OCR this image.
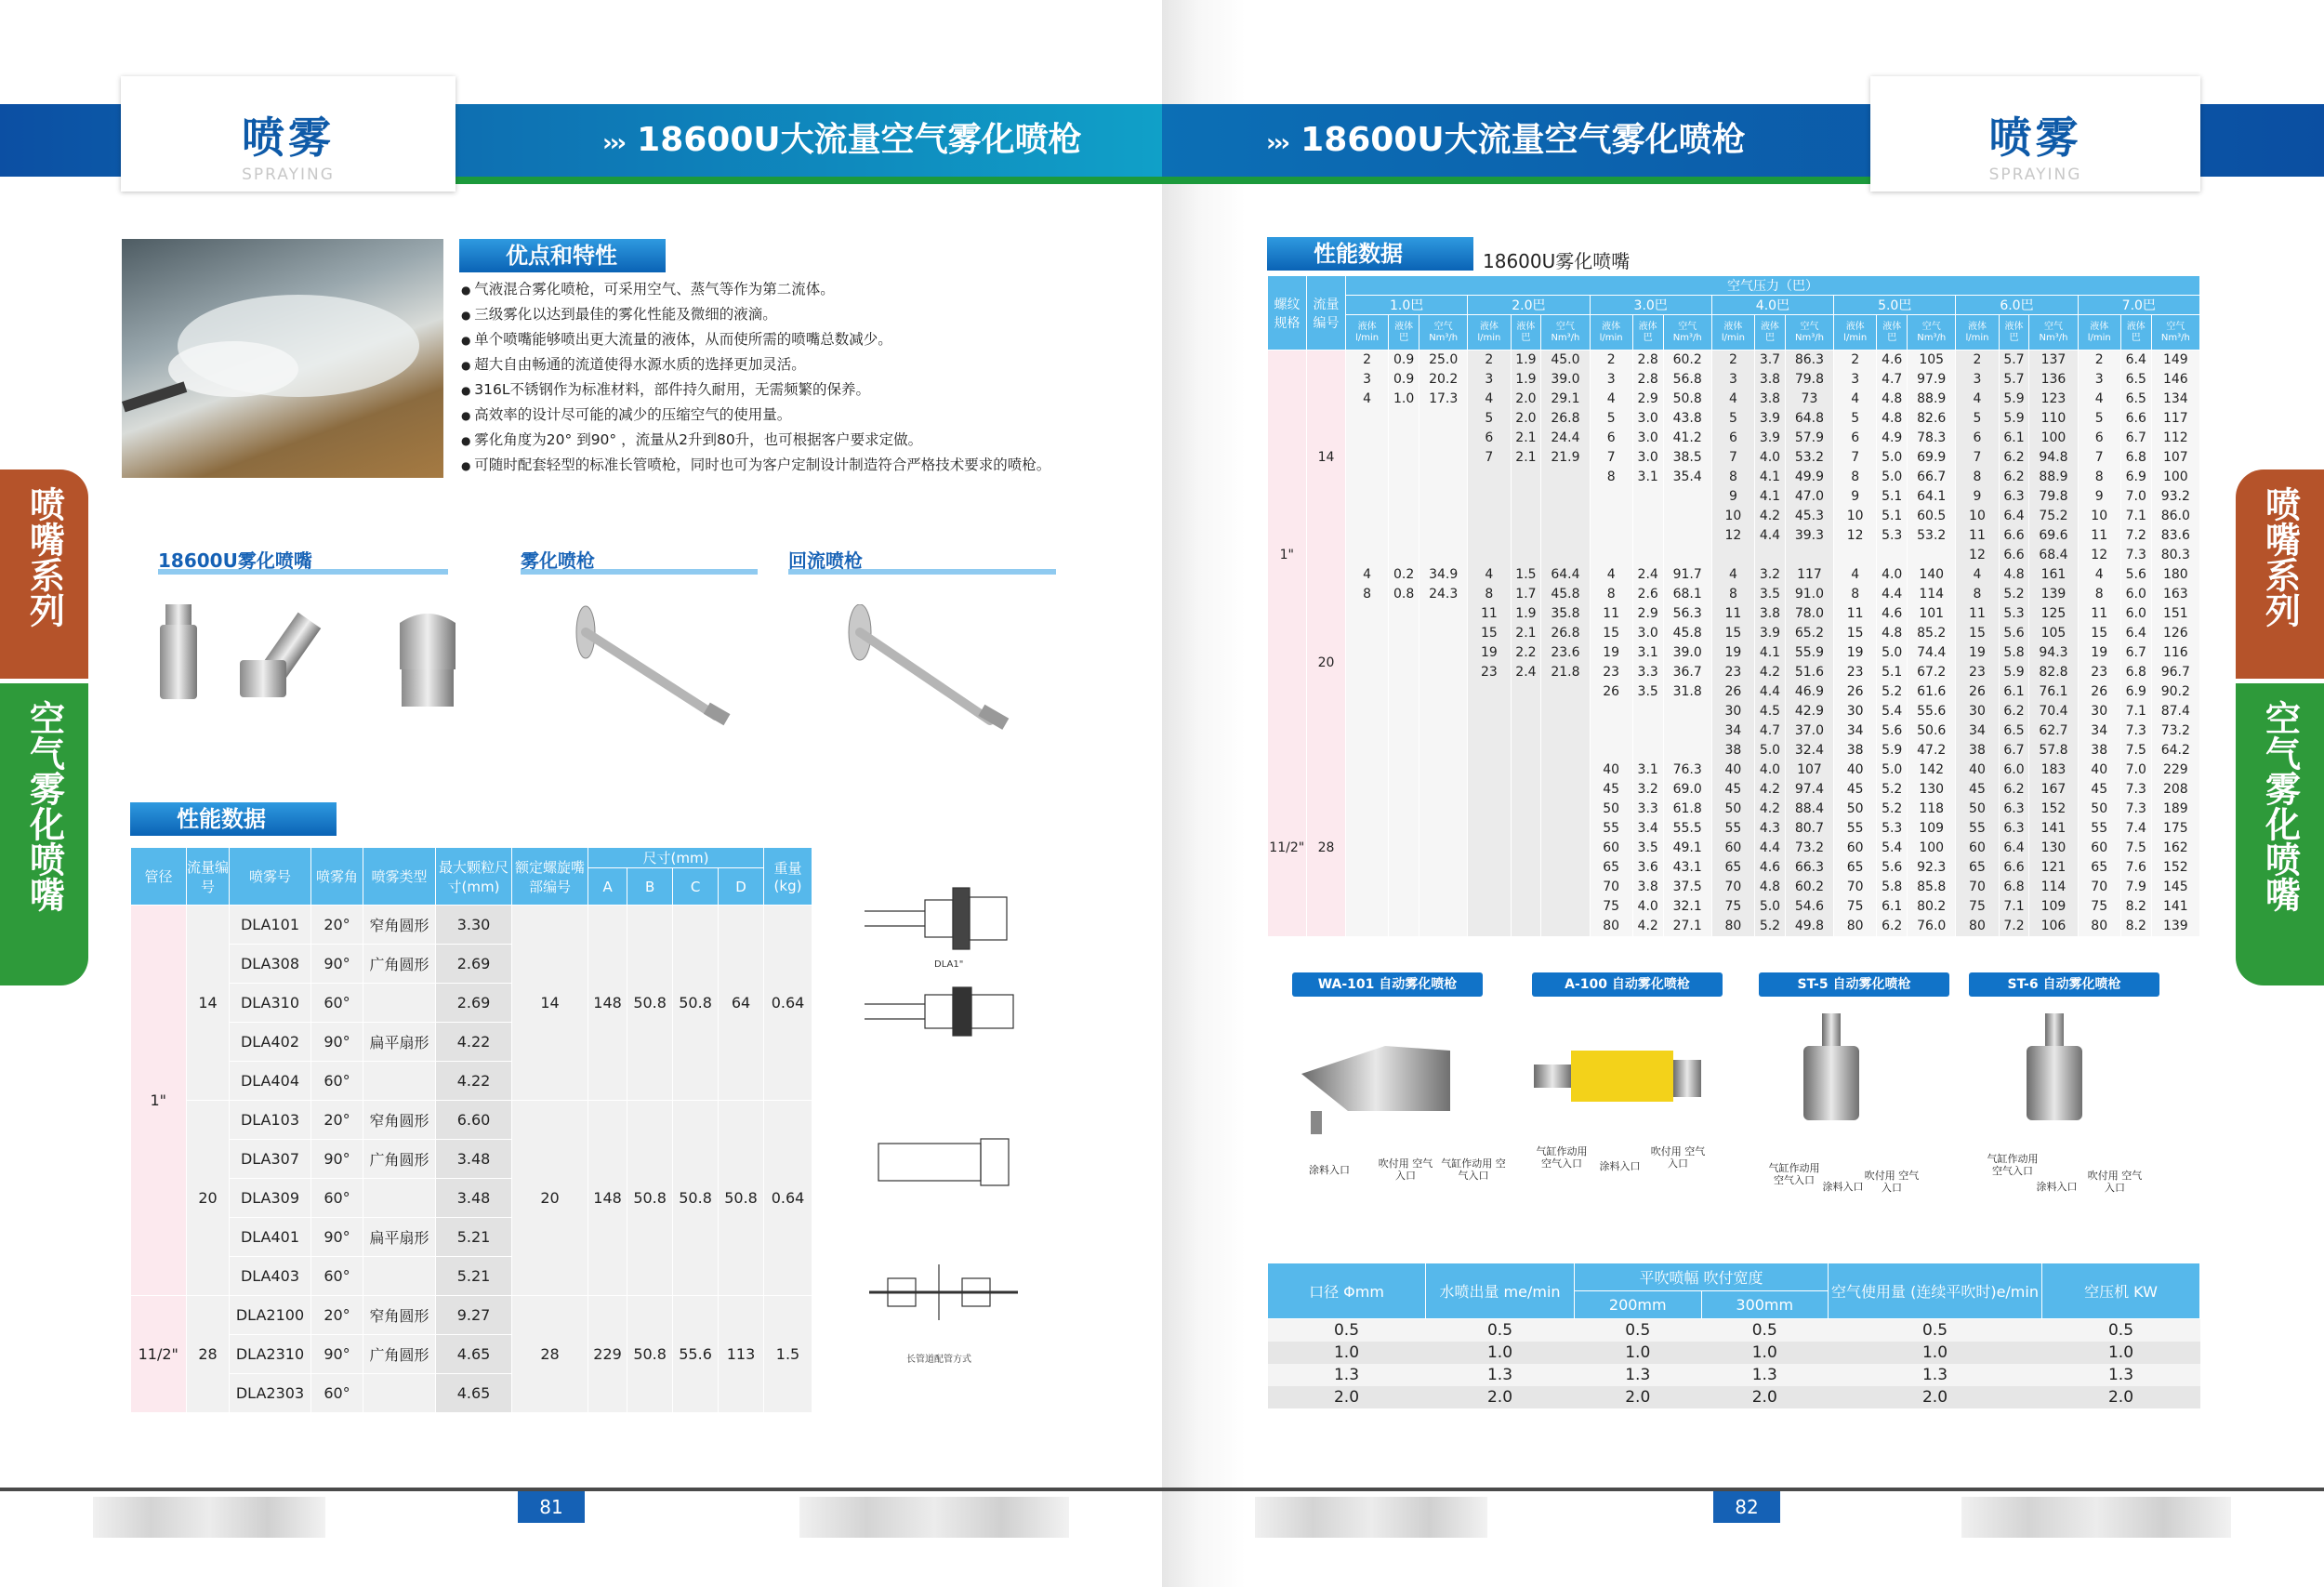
喷雾
SPRAYING
››› 18600U大流量空气雾化喷枪
喷嘴系列
空气雾化喷嘴
优点和特性
● 气液混合雾化喷枪，可采用空气、蒸气等作为第二流体。
● 三级雾化以达到最佳的雾化性能及微细的液滴。
● 单个喷嘴能够喷出更大流量的液体，从而使所需的喷嘴总数减少。
● 超大自由畅通的流道使得水源水质的选择更加灵活。
● 316L不锈钢作为标准材料，部件持久耐用，无需频繁的保养。
● 高效率的设计尽可能的减少的压缩空气的使用量。
● 雾化角度为20° 到90° ，流量从2升到80升，也可根据客户要求定做。
● 可随时配套轻型的标准长管喷枪，同时也可为客户定制设计制造符合严格技术要求的喷枪。
18600U雾化喷嘴	雾化喷枪	回流喷枪
性能数据
管径	流量编号	喷雾号	喷雾角	喷雾类型	最大颗粒尺寸(mm)	额定螺旋嘴部编号	尺寸(mm)				重量(kg)
							A	B	C	D	
1"	14	DLA101	20°	窄角圆形	3.30	14	148	50.8	50.8	64	0.64
		DLA308	90°	广角圆形	2.69						
		DLA310	60°		2.69						
		DLA402	90°	扁平扇形	4.22						
		DLA404	60°		4.22						
	20	DLA103	20°	窄角圆形	6.60	20	148	50.8	50.8	50.8	0.64
		DLA307	90°	广角圆形	3.48						
		DLA309	60°		3.48						
		DLA401	90°	扁平扇形	5.21						
		DLA403	60°		5.21						
11/2"	28	DLA2100	20°	窄角圆形	9.27	28	229	50.8	55.6	113	1.5
		DLA2310	90°	广角圆形	4.65						
		DLA2303	60°		4.65						
DLA1"
长管道配管方式
81
喷雾
SPRAYING
››› 18600U大流量空气雾化喷枪
喷嘴系列
空气雾化喷嘴
性能数据	18600U雾化喷嘴
螺纹规格	流量编号	空气压力（巴）																				
		1.0巴			2.0巴			3.0巴			4.0巴			5.0巴			6.0巴			7.0巴		
		液体 l/min	液体 巴	空气 Nm³/h	液体 l/min	液体 巴	空气 Nm³/h	液体 l/min	液体 巴	空气 Nm³/h	液体 l/min	液体 巴	空气 Nm³/h	液体 l/min	液体 巴	空气 Nm³/h	液体 l/min	液体 巴	空气 Nm³/h	液体 l/min	液体 巴	空气 Nm³/h
1"	14	2	0.9	25.0	2	1.9	45.0	2	2.8	60.2	2	3.7	86.3	2	4.6	105	2	5.7	137	2	6.4	149
		3	0.9	20.2	3	1.9	39.0	3	2.8	56.8	3	3.8	79.8	3	4.7	97.9	3	5.7	136	3	6.5	146
		4	1.0	17.3	4	2.0	29.1	4	2.9	50.8	4	3.8	73	4	4.8	88.9	4	5.9	123	4	6.5	134
					5	2.0	26.8	5	3.0	43.8	5	3.9	64.8	5	4.8	82.6	5	5.9	110	5	6.6	117
					6	2.1	24.4	6	3.0	41.2	6	3.9	57.9	6	4.9	78.3	6	6.1	100	6	6.7	112
					7	2.1	21.9	7	3.0	38.5	7	4.0	53.2	7	5.0	69.9	7	6.2	94.8	7	6.8	107
								8	3.1	35.4	8	4.1	49.9	8	5.0	66.7	8	6.2	88.9	8	6.9	100
											9	4.1	47.0	9	5.1	64.1	9	6.3	79.8	9	7.0	93.2
											10	4.2	45.3	10	5.1	60.5	10	6.4	75.2	10	7.1	86.0
											12	4.4	39.3	12	5.3	53.2	11	6.6	69.6	11	7.2	83.6
																	12	6.6	68.4	12	7.3	80.3
	20	4	0.2	34.9	4	1.5	64.4	4	2.4	91.7	4	3.2	117	4	4.0	140	4	4.8	161	4	5.6	180
		8	0.8	24.3	8	1.7	45.8	8	2.6	68.1	8	3.5	91.0	8	4.4	114	8	5.2	139	8	6.0	163
					11	1.9	35.8	11	2.9	56.3	11	3.8	78.0	11	4.6	101	11	5.3	125	11	6.0	151
					15	2.1	26.8	15	3.0	45.8	15	3.9	65.2	15	4.8	85.2	15	5.6	105	15	6.4	126
					19	2.2	23.6	19	3.1	39.0	19	4.1	55.9	19	5.0	74.4	19	5.8	94.3	19	6.7	116
					23	2.4	21.8	23	3.3	36.7	23	4.2	51.6	23	5.1	67.2	23	5.9	82.8	23	6.8	96.7
								26	3.5	31.8	26	4.4	46.9	26	5.2	61.6	26	6.1	76.1	26	6.9	90.2
											30	4.5	42.9	30	5.4	55.6	30	6.2	70.4	30	7.1	87.4
											34	4.7	37.0	34	5.6	50.6	34	6.5	62.7	34	7.3	73.2
											38	5.0	32.4	38	5.9	47.2	38	6.7	57.8	38	7.5	64.2
11/2"	28							40	3.1	76.3	40	4.0	107	40	5.0	142	40	6.0	183	40	7.0	229
								45	3.2	69.0	45	4.2	97.4	45	5.2	130	45	6.2	167	45	7.3	208
								50	3.3	61.8	50	4.2	88.4	50	5.2	118	50	6.3	152	50	7.3	189
								55	3.4	55.5	55	4.3	80.7	55	5.3	109	55	6.3	141	55	7.4	175
								60	3.5	49.1	60	4.4	73.2	60	5.4	100	60	6.4	130	60	7.5	162
								65	3.6	43.1	65	4.6	66.3	65	5.6	92.3	65	6.6	121	65	7.6	152
								70	3.8	37.5	70	4.8	60.2	70	5.8	85.8	70	6.8	114	70	7.9	145
								75	4.0	32.1	75	5.0	54.6	75	6.1	80.2	75	7.1	109	75	8.2	141
								80	4.2	27.1	80	5.2	49.8	80	6.2	76.0	80	7.2	106	80	8.2	139
WA-101 自动雾化喷枪	A-100 自动雾化喷枪	ST-5 自动雾化喷枪	ST-6 自动雾化喷枪
涂料入口
吹付用 空气入口
气缸作动用 空气入口
气缸作动用 空气入口	涂料入口
吹付用 空气入口	气缸作动用 空气入口
涂料入口
吹付用 空气入口
气缸作动用 空气入口
涂料入口
吹付用 空气入口
口径 Φmm	水喷出量 me/min	平吹喷幅 吹付宽度		空气使用量 (连续平吹时)e/min	空压机 KW
		200mm	300mm		
0.5	0.5	0.5	0.5	0.5	0.5
1.0	1.0	1.0	1.0	1.0	1.0
1.3	1.3	1.3	1.3	1.3	1.3
2.0	2.0	2.0	2.0	2.0	2.0
82
